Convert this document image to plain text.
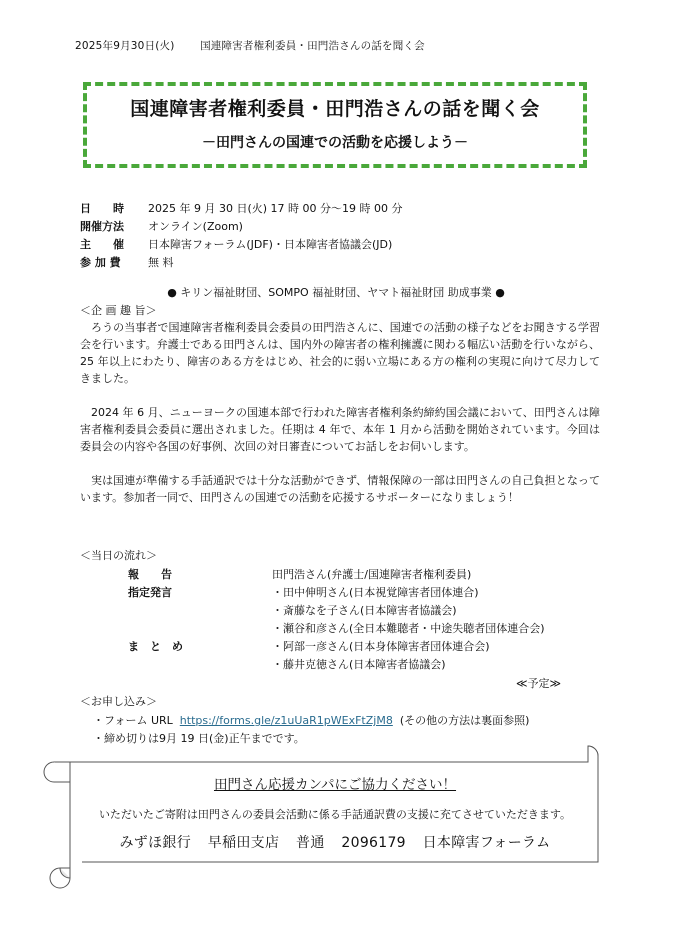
2025年9月30日(火) 国連障害者権利委員・田門浩さんの話を聞く会
国連障害者権利委員・田門浩さんの話を聞く会
－田門さんの国連での活動を応援しよう－
日　　時 2025 年 9 月 30 日(火) 17 時 00 分～19 時 00 分
開催方法 オンライン(Zoom)
主　　催 日本障害フォーラム(JDF)・日本障害者協議会(JD)
参 加 費 無 料
● キリン福祉財団、SOMPO 福祉財団、ヤマト福祉財団 助成事業 ●
＜企 画 趣 旨＞
ろうの当事者で国連障害者権利委員会委員の田門浩さんに、国連での活動の様子などをお聞きする学習会を行います。弁護士である田門さんは、国内外の障害者の権利擁護に関わる幅広い活動を行いながら、25 年以上にわたり、障害のある方をはじめ、社会的に弱い立場にある方の権利の実現に向けて尽力してきました。
2024 年 6 月、ニューヨークの国連本部で行われた障害者権利条約締約国会議において、田門さんは障害者権利委員会委員に選出されました。任期は 4 年で、本年 1 月から活動を開始されています。今回は委員会の内容や各国の好事例、次回の対日審査についてお話しをお伺いします。
実は国連が準備する手話通訳では十分な活動ができず、情報保障の一部は田門さんの自己負担となっています。参加者一同で、田門さんの国連での活動を応援するサポーターになりましょう！
＜当日の流れ＞
報　　告	田門浩さん(弁護士/国連障害者権利委員)
指定発言	・田中伸明さん(日本視覚障害者団体連合)
・斎藤なを子さん(日本障害者協議会)
・瀬谷和彦さん(全日本難聴者・中途失聴者団体連合会)
ま　と　め	・阿部一彦さん(日本身体障害者団体連合会)
・藤井克徳さん(日本障害者協議会)
≪予定≫
＜お申し込み＞
・フォーム URL https://forms.gle/z1uUaR1pWExFtZjM8 (その他の方法は裏面参照)
・締め切りは9月 19 日(金)正午までです。
田門さん応援カンパにご協力ください！
いただいたご寄附は田門さんの委員会活動に係る手話通訳費の支援に充てさせていただきます。
みずほ銀行 早稲田支店 普通 2096179 日本障害フォーラム
